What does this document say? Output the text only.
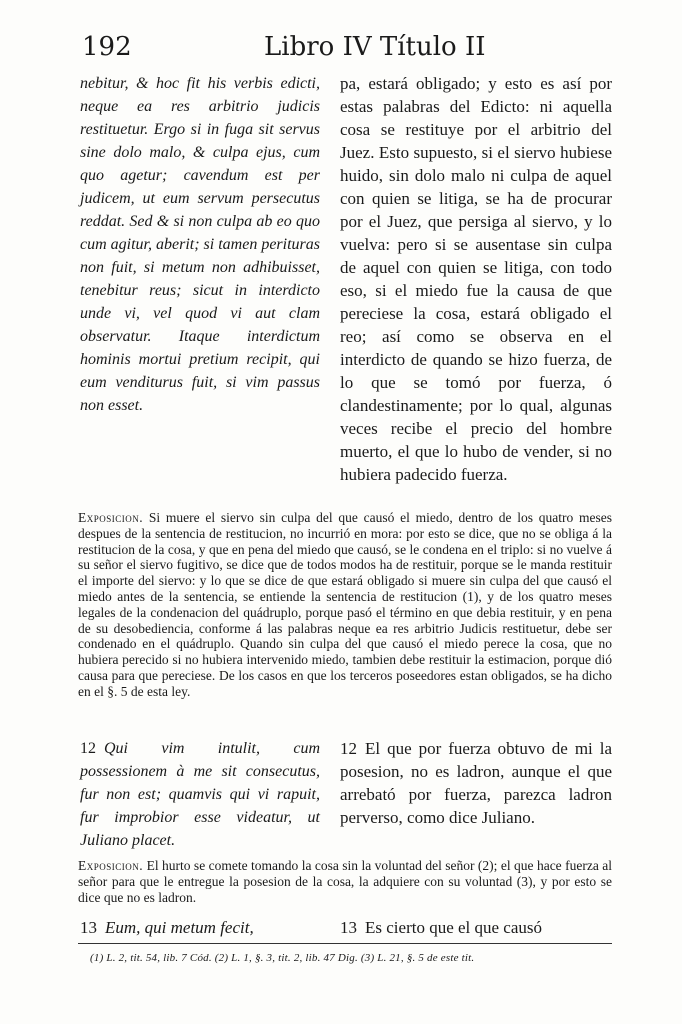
192	Libro IV Título II

nebitur, & hoc fit his verbis edicti, neque ea res arbitrio judicis restituetur. Ergo si in fuga sit servus sine dolo malo, & culpa ejus, cum quo agetur; cavendum est per judicem, ut eum servum persecutus reddat. Sed & si non culpa ab eo quo cum agitur, aberit; si tamen perituras non fuit, si metum non adhibuisset, tenebitur reus; sicut in interdicto unde vi, vel quod vi aut clam observatur. Itaque interdictum hominis mortui pretium recipit, qui eum venditurus fuit, si vim passus non esset.

pa, estará obligado; y esto es así por estas palabras del Edicto: ni aquella cosa se restituye por el arbitrio del Juez. Esto supuesto, si el siervo hubiese huido, sin dolo malo ni culpa de aquel con quien se litiga, se ha de procurar por el Juez, que persiga al siervo, y lo vuelva: pero si se ausentase sin culpa de aquel con quien se litiga, con todo eso, si el miedo fue la causa de que pereciese la cosa, estará obligado el reo; así como se observa en el interdicto de quando se hizo fuerza, de lo que se tomó por fuerza, ó clandestinamente; por lo qual, algunas veces recibe el precio del hombre muerto, el que lo hubo de vender, si no hubiera padecido fuerza.

Exposicion. Si muere el siervo sin culpa del que causó el miedo, dentro de los quatro meses despues de la sentencia de restitucion, no incurrió en mora: por esto se dice, que no se obliga á la restitucion de la cosa, y que en pena del miedo que causó, se le condena en el triplo: si no vuelve á su señor el siervo fugitivo, se dice que de todos modos ha de restituir, porque se le manda restituir el importe del siervo: y lo que se dice de que estará obligado si muere sin culpa del que causó el miedo antes de la sentencia, se entiende la sentencia de restitucion (1), y de los quatro meses legales de la condenacion del quádruplo, porque pasó el término en que debia restituir, y en pena de su desobediencia, conforme á las palabras neque ea res arbitrio Judicis restituetur, debe ser condenado en el quádruplo. Quando sin culpa del que causó el miedo perece la cosa, que no hubiera perecido si no hubiera intervenido miedo, tambien debe restituir la estimacion, porque dió causa para que pereciese. De los casos en que los terceros poseedores estan obligados, se ha dicho en el §. 5 de esta ley.
12 Qui vim intulit, cum possessionem à me sit consecutus, fur non est; quamvis qui vi rapuit, fur improbior esse videatur, ut Juliano placet.
12 El que por fuerza obtuvo de mi la posesion, no es ladron, aunque el que arrebató por fuerza, parezca ladron perverso, como dice Juliano.
Exposicion. El hurto se comete tomando la cosa sin la voluntad del señor (2); el que hace fuerza al señor para que le entregue la posesion de la cosa, la adquiere con su voluntad (3), y por esto se dice que no es ladron.
13 Eum, qui metum fecit,	13 Es cierto que el que causó
(1) L. 2, tit. 54, lib. 7 Cód. (2) L. 1, §. 3, tit. 2, lib. 47 Dig. (3) L. 21, §. 5 de este tit.
